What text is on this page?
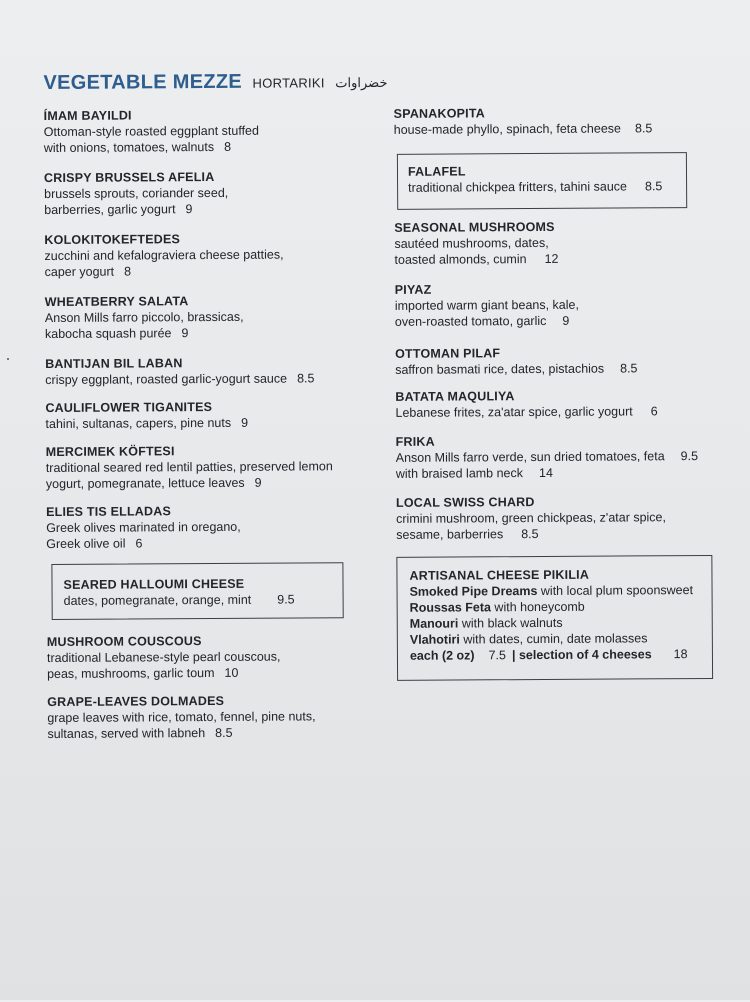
VEGETABLE MEZZE HORTARIKI خضراوات
ÍMAM BAYILDI
Ottoman-style roasted eggplant stuffed
with onions, tomatoes, walnuts 8
CRISPY BRUSSELS AFELIA
brussels sprouts, coriander seed,
barberries, garlic yogurt 9
KOLOKITOKEFTEDES
zucchini and kefalograviera cheese patties,
caper yogurt 8
WHEATBERRY SALATA
Anson Mills farro piccolo, brassicas,
kabocha squash purée 9
BANTIJAN BIL LABAN
crispy eggplant, roasted garlic-yogurt sauce 8.5
CAULIFLOWER TIGANITES
tahini, sultanas, capers, pine nuts 9
MERCIMEK KÖFTESI
traditional seared red lentil patties, preserved lemon
yogurt, pomegranate, lettuce leaves 9
ELIES TIS ELLADAS
Greek olives marinated in oregano,
Greek olive oil 6
SEARED HALLOUMI CHEESE
dates, pomegranate, orange, mint 9.5
MUSHROOM COUSCOUS
traditional Lebanese-style pearl couscous,
peas, mushrooms, garlic toum 10
GRAPE-LEAVES DOLMADES
grape leaves with rice, tomato, fennel, pine nuts,
sultanas, served with labneh 8.5
SPANAKOPITA
house-made phyllo, spinach, feta cheese 8.5
FALAFEL
traditional chickpea fritters, tahini sauce 8.5
SEASONAL MUSHROOMS
sautéed mushrooms, dates,
toasted almonds, cumin 12
PIYAZ
imported warm giant beans, kale,
oven-roasted tomato, garlic 9
OTTOMAN PILAF
saffron basmati rice, dates, pistachios 8.5
BATATA MAQULIYA
Lebanese frites, za'atar spice, garlic yogurt 6
FRIKA
Anson Mills farro verde, sun dried tomatoes, feta 9.5
with braised lamb neck 14
LOCAL SWISS CHARD
crimini mushroom, green chickpeas, z'atar spice,
sesame, barberries 8.5
ARTISANAL CHEESE PIKILIA
Smoked Pipe Dreams with local plum spoonsweet
Roussas Feta with honeycomb
Manouri with black walnuts
Vlahotiri with dates, cumin, date molasses
each (2 oz) 7.5 | selection of 4 cheeses 18
